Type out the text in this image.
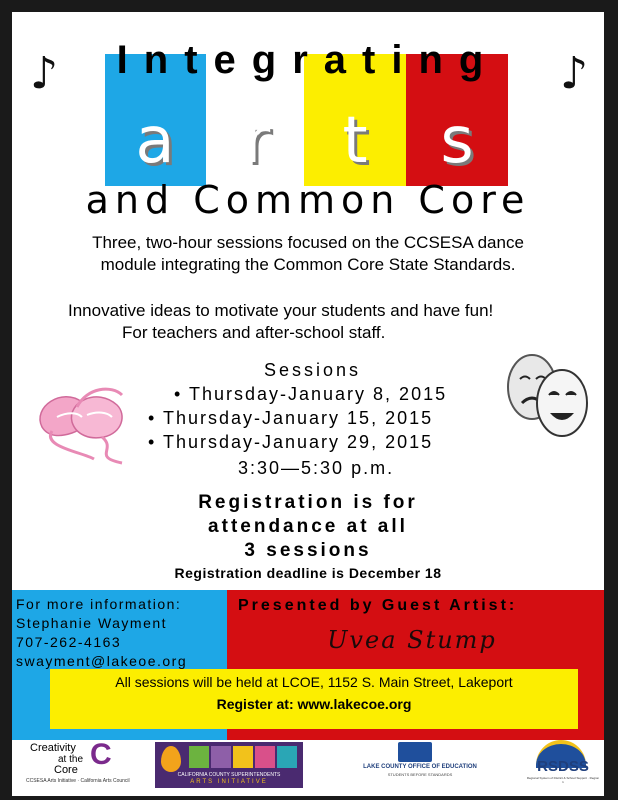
♪	♪
Integrating
a	r	t	s
and Common Core
Three, two-hour sessions focused on the CCSESA dance
module integrating the Common Core State Standards.
Innovative ideas to motivate your students and have fun!
For teachers and after-school staff.
Sessions
• Thursday-January 8, 2015
• Thursday-January 15, 2015
• Thursday-January 29, 2015
3:30—5:30 p.m.
Registration is for
attendance at all
3 sessions
Registration deadline is December 18
For more information:
Stephanie Wayment
707-262-4163
swayment@lakeoe.org
Presented by Guest Artist:
Uvea Stump
All sessions will be held at LCOE, 1152 S. Main Street, Lakeport
Register at: www.lakecoe.org
Creativity
at the
Core C
CCSESA Arts Initiative · California Arts Council
CALIFORNIA COUNTY SUPERINTENDENTS
ARTS INITIATIVE
LAKE COUNTY OFFICE OF EDUCATION
STUDENTS BEFORE STANDARDS	RSDSS
Regional System of District & School Support · Region 1
